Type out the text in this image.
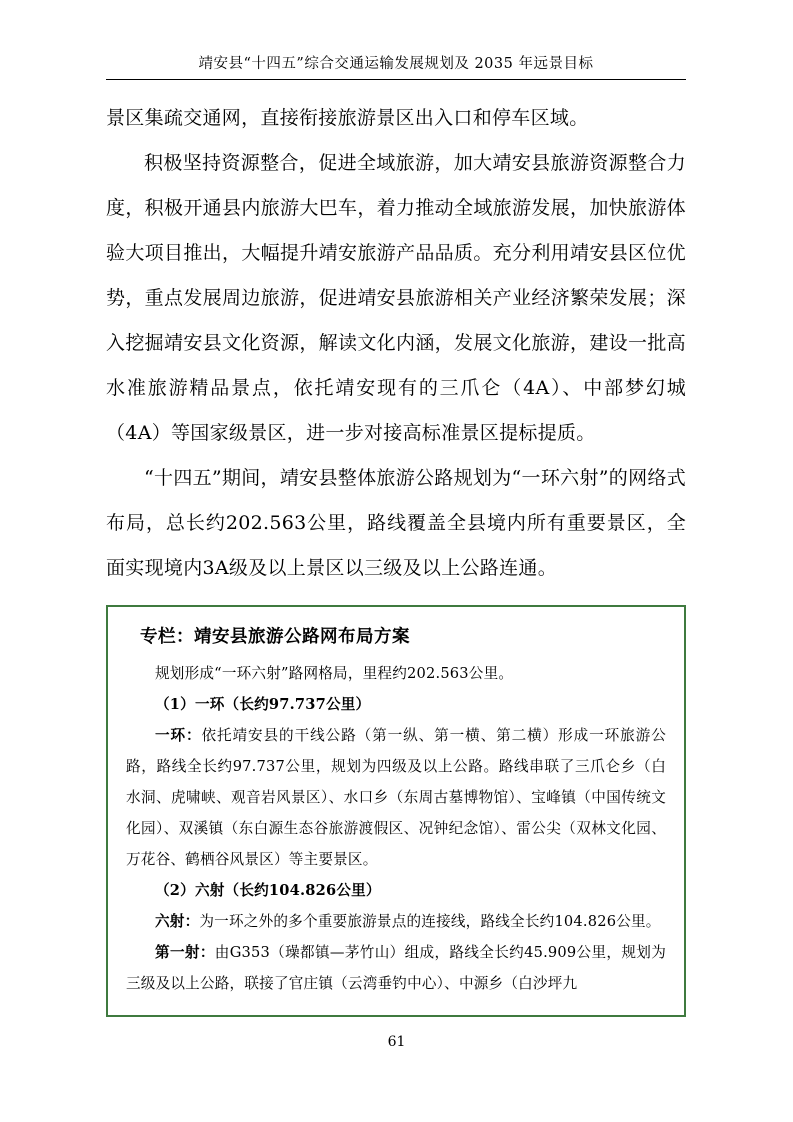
靖安县“十四五”综合交通运输发展规划及 2035 年远景目标

景区集疏交通网，直接衔接旅游景区出入口和停车区域。

积极坚持资源整合，促进全域旅游，加大靖安县旅游资源整合力度，积极开通县内旅游大巴车，着力推动全域旅游发展，加快旅游体验大项目推出，大幅提升靖安旅游产品品质。充分利用靖安县区位优势，重点发展周边旅游，促进靖安县旅游相关产业经济繁荣发展；深入挖掘靖安县文化资源，解读文化内涵，发展文化旅游，建设一批高水准旅游精品景点，依托靖安现有的三爪仑（4A）、中部梦幻城（4A）等国家级景区，进一步对接高标准景区提标提质。

“十四五”期间，靖安县整体旅游公路规划为“一环六射”的网络式布局，总长约202.563公里，路线覆盖全县境内所有重要景区，全面实现境内3A级及以上景区以三级及以上公路连通。

专栏：靖安县旅游公路网布局方案

规划形成“一环六射”路网格局，里程约202.563公里。

（1）一环（长约97.737公里）

一环：依托靖安县的干线公路（第一纵、第一横、第二横）形成一环旅游公路，路线全长约97.737公里，规划为四级及以上公路。路线串联了三爪仑乡（白水洞、虎啸峡、观音岩风景区）、水口乡（东周古墓博物馆）、宝峰镇（中国传统文化园）、双溪镇（东白源生态谷旅游渡假区、况钟纪念馆）、雷公尖（双林文化园、万花谷、鹤栖谷风景区）等主要景区。

（2）六射（长约104.826公里）

六射：为一环之外的多个重要旅游景点的连接线，路线全长约104.826公里。

第一射：由G353（璪都镇—茅竹山）组成，路线全长约45.909公里，规划为三级及以上公路，联接了官庄镇（云湾垂钓中心）、中源乡（白沙坪九

61
